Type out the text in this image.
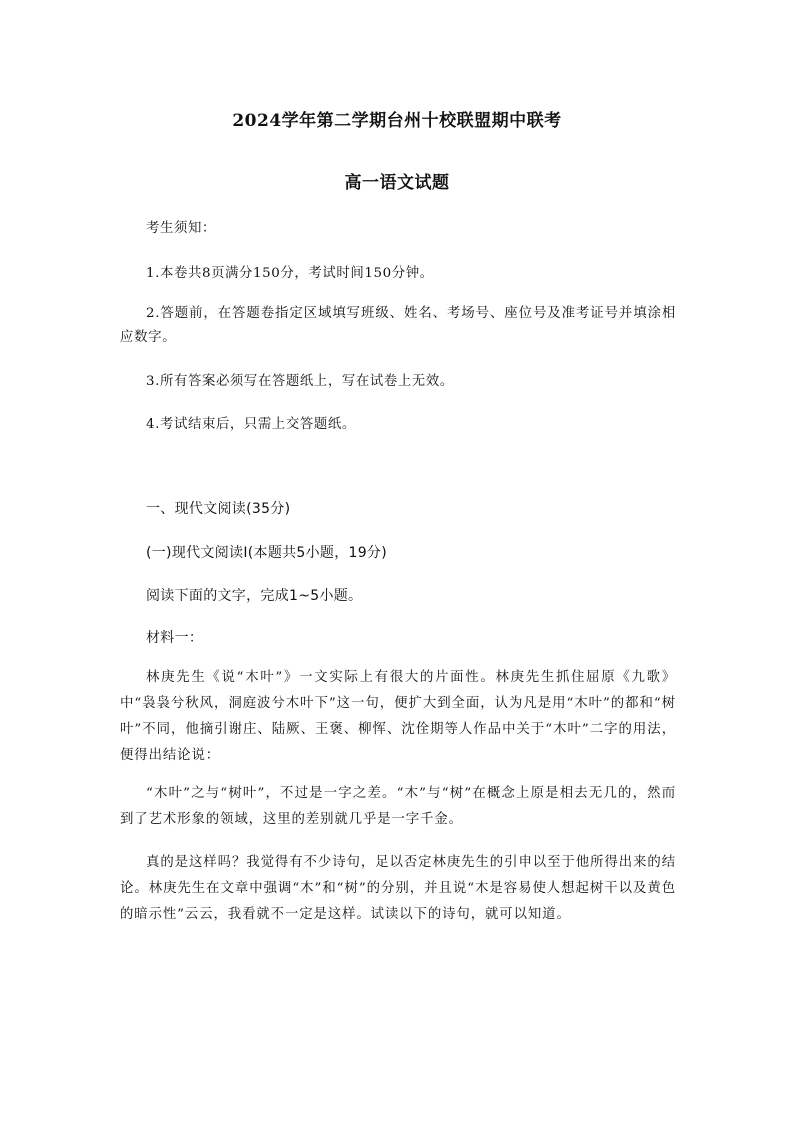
2024学年第二学期台州十校联盟期中联考
高一语文试题
考生须知：
1.本卷共8页满分150分，考试时间150分钟。
2.答题前，在答题卷指定区域填写班级、姓名、考场号、座位号及准考证号并填涂相应数字。
3.所有答案必须写在答题纸上，写在试卷上无效。
4.考试结束后，只需上交答题纸。
一、现代文阅读(35分)
(一)现代文阅读Ⅰ(本题共5小题，19分)
阅读下面的文字，完成1~5小题。
材料一：
林庚先生《说“木叶”》一文实际上有很大的片面性。林庚先生抓住屈原《九歌》中“袅袅兮秋风，洞庭波兮木叶下”这一句，便扩大到全面，认为凡是用“木叶”的都和“树叶”不同，他摘引谢庄、陆厥、王褒、柳恽、沈佺期等人作品中关于“木叶”二字的用法，便得出结论说：
“木叶”之与“树叶”，不过是一字之差。“木”与“树”在概念上原是相去无几的，然而到了艺术形象的领域，这里的差别就几乎是一字千金。
真的是这样吗？我觉得有不少诗句，足以否定林庚先生的引申以至于他所得出来的结论。林庚先生在文章中强调“木”和“树”的分别，并且说“木是容易使人想起树干以及黄色的暗示性”云云，我看就不一定是这样。试读以下的诗句，就可以知道。
